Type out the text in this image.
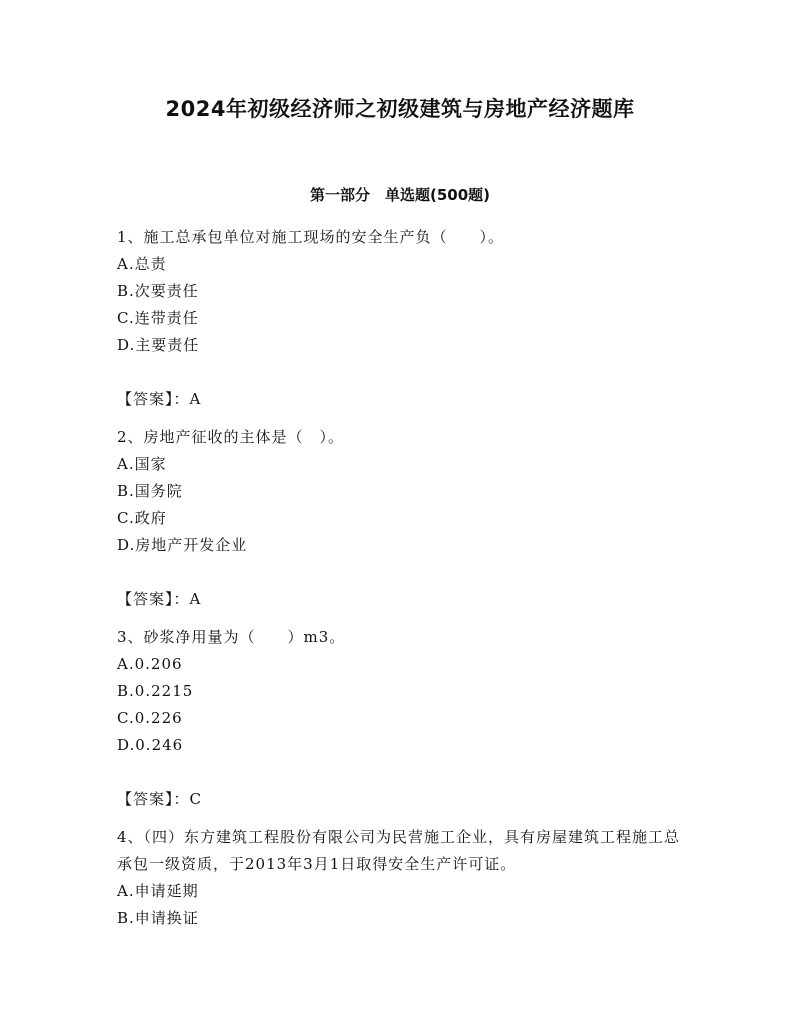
2024年初级经济师之初级建筑与房地产经济题库
第一部分　单选题(500题)

1、施工总承包单位对施工现场的安全生产负（　　）。

A.总责

B.次要责任

C.连带责任

D.主要责任

【答案】：A

2、房地产征收的主体是（　）。

A.国家

B.国务院

C.政府

D.房地产开发企业

【答案】：A

3、砂浆净用量为（　　）m3。

A.0.206

B.0.2215

C.0.226

D.0.246

【答案】：C

4、（四）东方建筑工程股份有限公司为民营施工企业，具有房屋建筑工程施工总承包一级资质，于2013年3月1日取得安全生产许可证。

A.申请延期

B.申请换证
